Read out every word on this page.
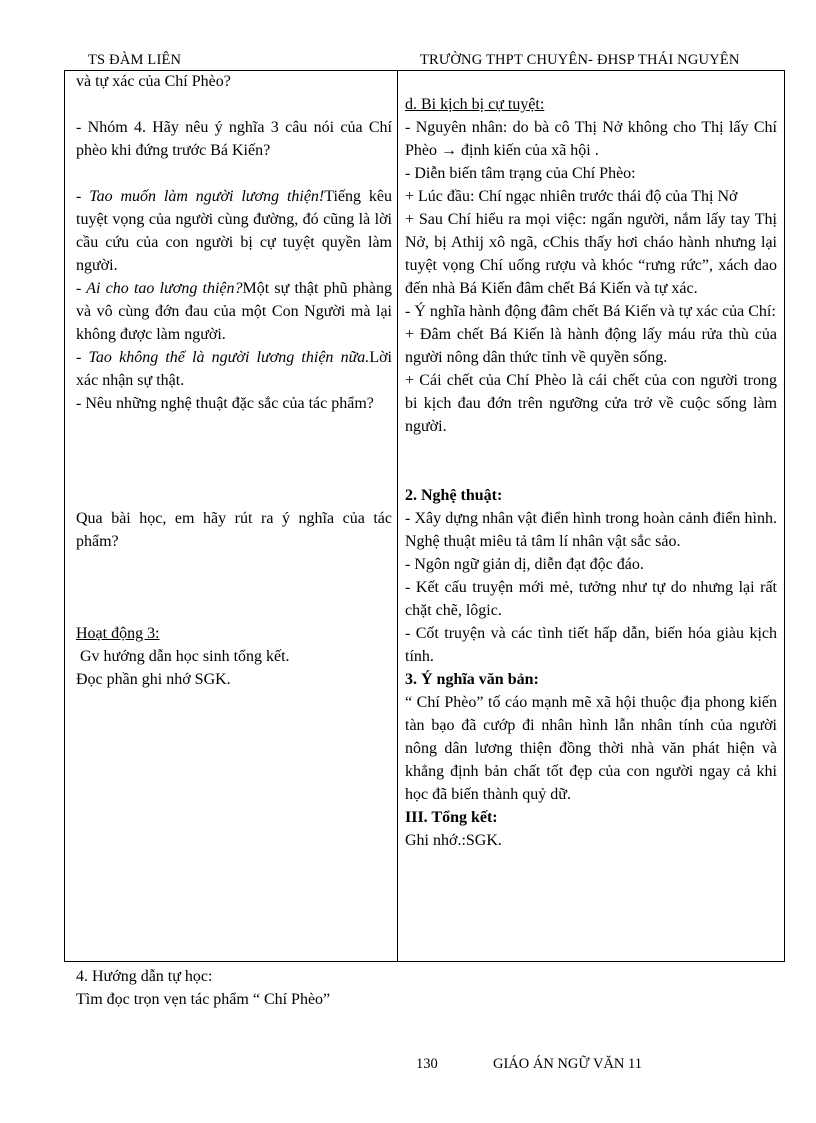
TS ĐÀM LIÊN	TRƯỜNG THPT CHUYÊN- ĐHSP THÁI NGUYÊN

và tự xác của Chí Phèo?

- Nhóm 4. Hãy nêu ý nghĩa 3 câu nói của Chí phèo khi đứng trước Bá Kiến?

- Tao muốn làm người lương thiện!Tiếng kêu tuyệt vọng của người cùng đường, đó cũng là lời cầu cứu của con người bị cự tuyệt quyền làm người.

- Ai cho tao lương thiện?Một sự thật phũ phàng và vô cùng đớn đau của một Con Người mà lại không được làm người.

- Tao không thể là người lương thiện nữa.Lời xác nhận sự thật.

- Nêu những nghệ thuật đặc sắc của tác phẩm?

Qua bài học, em hãy rút ra ý nghĩa của tác phẩm?

Hoạt động 3:

Gv hướng dẫn học sinh tổng kết.

Đọc phần ghi nhớ SGK.

d. Bi kịch bị cự tuyệt:

- Nguyên nhân: do bà cô Thị Nở không cho Thị lấy Chí Phèo → định kiến của xã hội .

- Diễn biến tâm trạng của Chí Phèo:

+ Lúc đầu: Chí ngạc nhiên trước thái độ của Thị Nở

+ Sau Chí hiểu ra mọi việc: ngẩn người, nắm lấy tay Thị Nở, bị Athij xô ngã, cChis thấy hơi cháo hành nhưng lại tuyệt vọng Chí uống rượu và khóc “rưng rức”, xách dao đến nhà Bá Kiến đâm chết Bá Kiến và tự xác.

- Ý nghĩa hành động đâm chết Bá Kiến và tự xác của Chí:

+ Đâm chết Bá Kiến là hành động lấy máu rửa thù của người nông dân thức tỉnh về quyền sống.

+ Cái chết của Chí Phèo là cái chết của con người trong bi kịch đau đớn trên ngưỡng cửa trở về cuộc sống làm người.

2. Nghệ thuật:

- Xây dựng nhân vật điển hình trong hoàn cảnh điển hình. Nghệ thuật miêu tả tâm lí nhân vật sắc sảo.

- Ngôn ngữ giản dị, diễn đạt độc đáo.

- Kết cấu truyện mới mẻ, tưởng như tự do nhưng lại rất chặt chẽ, lôgic.

- Cốt truyện và các tình tiết hấp dẫn, biến hóa giàu kịch tính.

3. Ý nghĩa văn bản:

“ Chí Phèo” tố cáo mạnh mẽ xã hội thuộc địa phong kiến tàn bạo đã cướp đi nhân hình lẫn nhân tính của người nông dân lương thiện đồng thời nhà văn phát hiện và khẳng định bản chất tốt đẹp của con người ngay cả khi học đã biến thành quỷ dữ.

III. Tổng kết:

Ghi nhớ.:SGK.

4. Hướng dẫn tự học:
Tìm đọc trọn vẹn tác phẩm “ Chí Phèo”
130	GIÁO ÁN NGỮ VĂN 11
